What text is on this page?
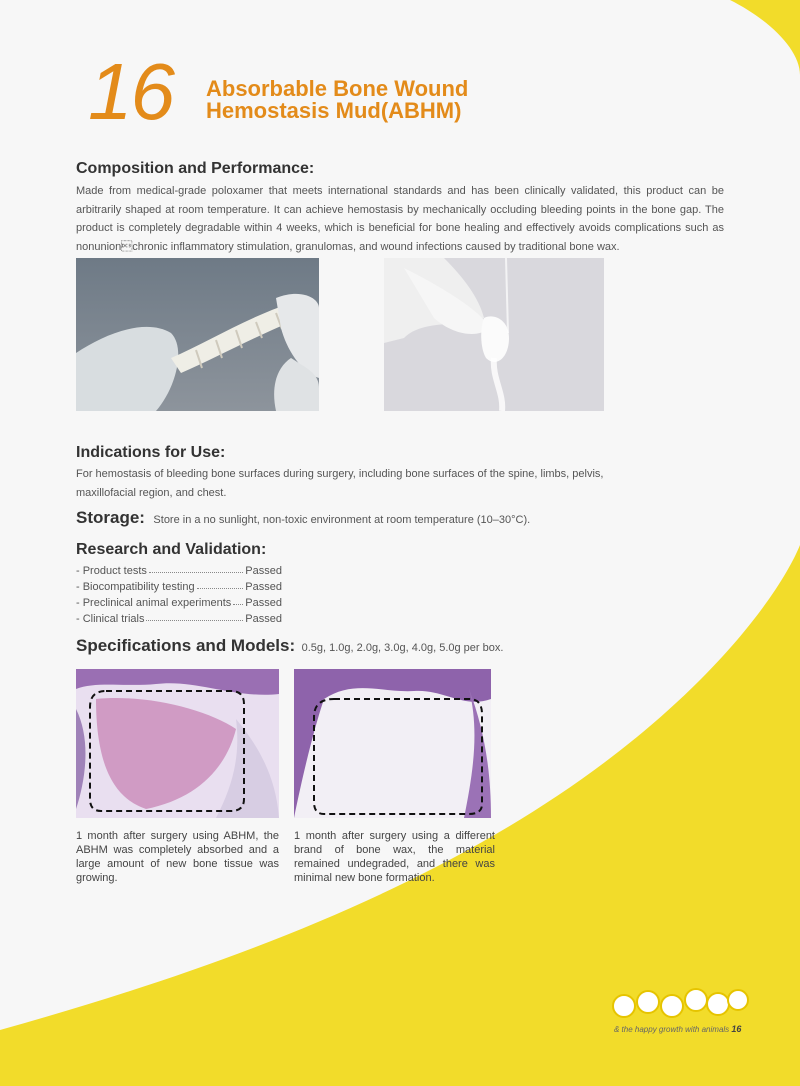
16 Absorbable Bone Wound
Hemostasis Mud(ABHM)
Composition and Performance:
Made from medical-grade poloxamer that meets international standards and has been clinically validated, this product can be arbitrarily shaped at room temperature. It can achieve hemostasis by mechanically occluding bleeding points in the bone gap. The product is completely degradable within 4 weeks, which is beneficial for bone healing and effectively avoids complications such as nonunionchronic inflammatory stimulation, granulomas, and wound infections caused by traditional bone wax.
Indications for Use:
For hemostasis of bleeding bone surfaces during surgery, including bone surfaces of the spine, limbs, pelvis, maxillofacial region, and chest.
Storage: Store in a no sunlight, non-toxic environment at room temperature (10–30°C).
Research and Validation:
- Product tests	Passed
- Biocompatibility testing	Passed
- Preclinical animal experiments Passed
- Clinical trials	Passed
Specifications and Models: 0.5g, 1.0g, 2.0g, 3.0g, 4.0g, 5.0g per box.
1 month after surgery using ABHM, the ABHM was completely absorbed and a large amount of new bone tissue was growing.
1 month after surgery using a different brand of bone wax, the material remained undegraded, and there was minimal new bone formation.
& the happy growth with animals 16
